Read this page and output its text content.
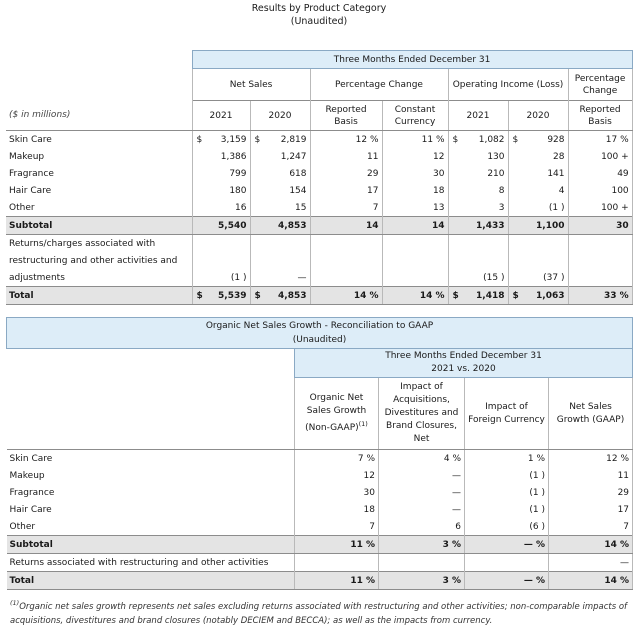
Results by Product Category
(Unaudited)
	Three Months Ended December 31										
	Net Sales				Percentage Change		Operating Income (Loss)				Percentage Change
($ in millions)	2021		2020		Reported Basis	Constant Currency	2021		2020		Reported Basis
Skin Care	$	3,159	$	2,819	12 %	11 %	$	1,082	$	928	17 %
Makeup		1,386		1,247	11	12		130		28	100 +
Fragrance		799		618	29	30		210		141	49
Hair Care		180		154	17	18		8		4	100
Other		16		15	7	13		3		(1 )	100 +
Subtotal		5,540		4,853	14	14		1,433		1,100	30
Returns/charges associated with											
restructuring and other activities and											
adjustments		(1 )		—				(15 )		(37 )	
Total	$	5,539	$	4,853	14 %	14 %	$	1,418	$	1,063	33 %
Organic Net Sales Growth - Reconciliation to GAAP
(Unaudited)				

	Three Months Ended December 31
2021 vs. 2020			

	Organic Net Sales Growth (Non-GAAP)$^{(1)}$	Impact of Acquisitions, Divestitures and Brand Closures, Net	Impact of Foreign Currency	Net Sales Growth (GAAP)
Skin Care	7 %	4 %	1 %	12 %
Makeup	12	—	(1 )	11
Fragrance	30	—	(1 )	29
Hair Care	18	—	(1 )	17
Other	7	6	(6 )	7
Subtotal	11 %	3 %	— %	14 %
Returns associated with restructuring and other activities				—
Total	11 %	3 %	— %	14 %
$^{(1)}$Organic net sales growth represents net sales excluding returns associated with restructuring and other activities; non-comparable impacts of acquisitions, divestitures and brand closures (notably DECIEM and BECCA); as well as the impacts from currency.
